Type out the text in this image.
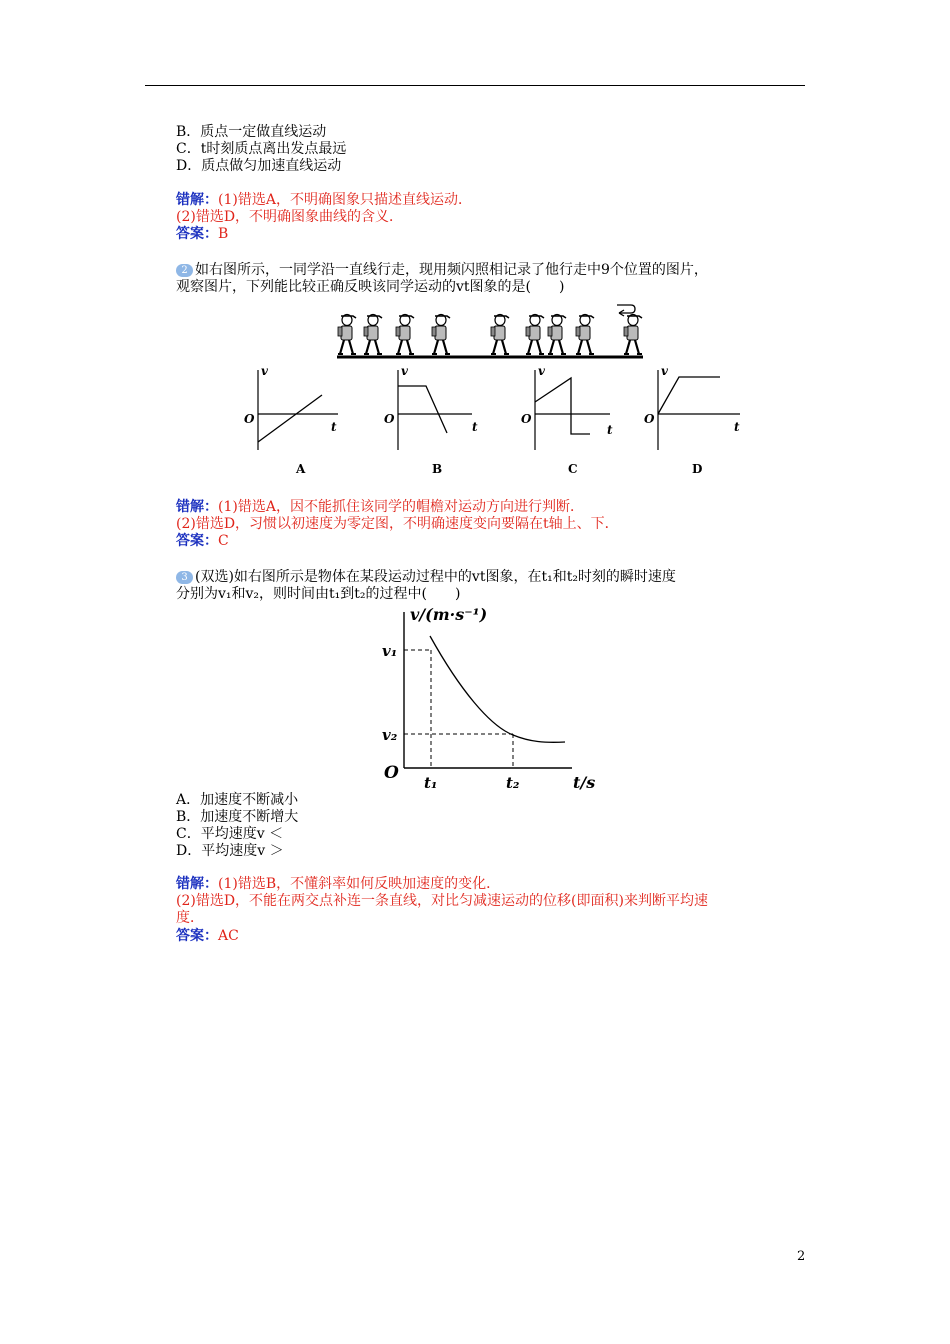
B．质点一定做直线运动
C．t时刻质点离出发点最远
D．质点做匀加速直线运动
错解：(1)错选A，不明确图象只描述直线运动．
(2)错选D，不明确图象曲线的含义．
答案：B
2 如右图所示，一同学沿一直线行走，现用频闪照相记录了他行走中9个位置的图片，
观察图片，下列能比较正确反映该同学运动的vt图象的是(　　)
v
t
O
A
v
t
O
B
v
t
O
C
v
t
O
D
错解：(1)错选A，因不能抓住该同学的帽檐对运动方向进行判断．
(2)错选D，习惯以初速度为零定图，不明确速度变向要隔在t轴上、下．
答案：C
3 (双选)如右图所示是物体在某段运动过程中的vt图象，在t₁和t₂时刻的瞬时速度
分别为v₁和v₂，则时间由t₁到t₂的过程中(　　)
v/(m·s⁻¹)
v₁
v₂
O t₁	t₂	t/s
A．加速度不断减小
B．加速度不断增大
C．平均速度v ＜
D．平均速度v ＞
错解：(1)错选B，不懂斜率如何反映加速度的变化．
(2)错选D，不能在两交点补连一条直线，对比匀减速运动的位移(即面积)来判断平均速
度．
答案：AC
2
